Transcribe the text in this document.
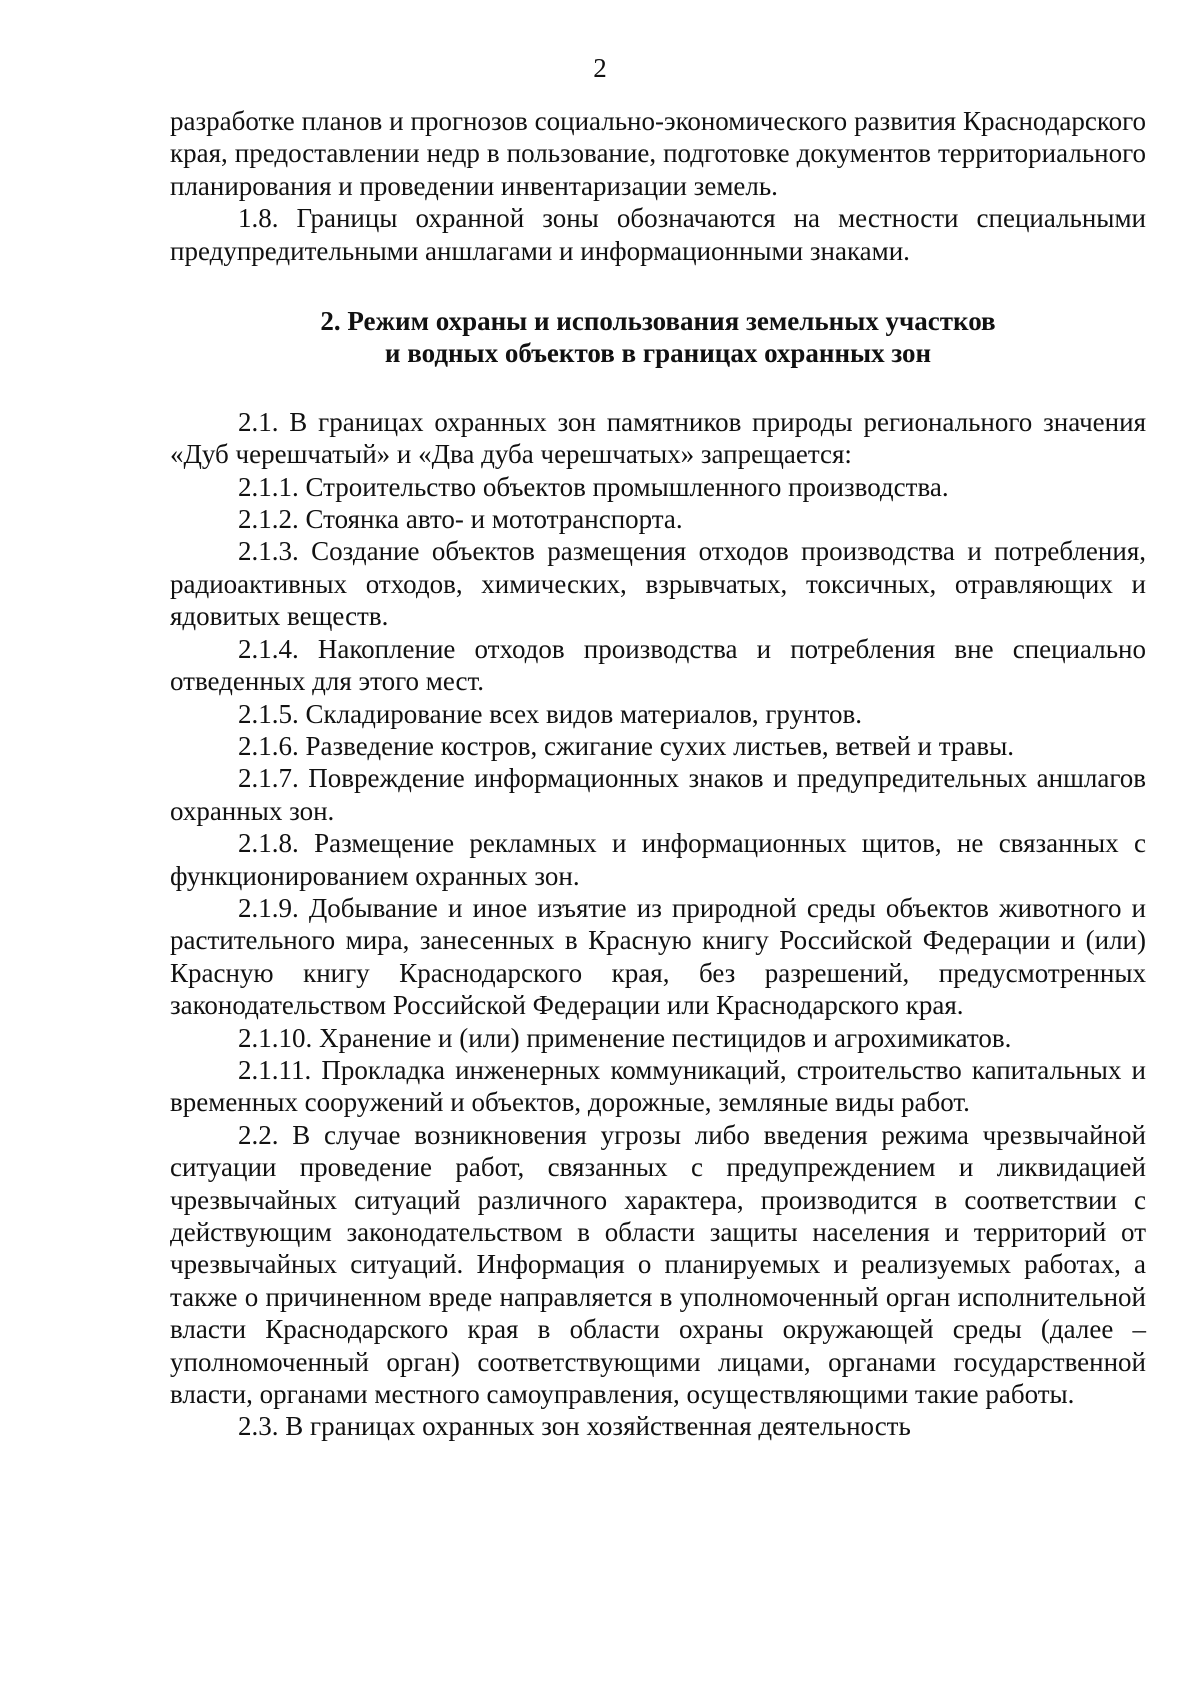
2

разработке планов и прогнозов социально-экономического развития Краснодарского края, предоставлении недр в пользование, подготовке документов территориального планирования и проведении инвентаризации земель.

1.8. Границы охранной зоны обозначаются на местности специальными предупредительными аншлагами и информационными знаками.

2. Режим охраны и использования земельных участков
и водных объектов в границах охранных зон

2.1. В границах охранных зон памятников природы регионального значения «Дуб черешчатый» и «Два дуба черешчатых» запрещается:

2.1.1. Строительство объектов промышленного производства.

2.1.2. Стоянка авто- и мототранспорта.

2.1.3. Создание объектов размещения отходов производства и потребления, радиоактивных отходов, химических, взрывчатых, токсичных, отравляющих и ядовитых веществ.

2.1.4. Накопление отходов производства и потребления вне специально отведенных для этого мест.

2.1.5. Складирование всех видов материалов, грунтов.

2.1.6. Разведение костров, сжигание сухих листьев, ветвей и травы.

2.1.7. Повреждение информационных знаков и предупредительных аншлагов охранных зон.

2.1.8. Размещение рекламных и информационных щитов, не связанных с функционированием охранных зон.

2.1.9. Добывание и иное изъятие из природной среды объектов животного и растительного мира, занесенных в Красную книгу Российской Федерации и (или) Красную книгу Краснодарского края, без разрешений, предусмотренных законодательством Российской Федерации или Краснодарского края.

2.1.10. Хранение и (или) применение пестицидов и агрохимикатов.

2.1.11. Прокладка инженерных коммуникаций, строительство капитальных и временных сооружений и объектов, дорожные, земляные виды работ.

2.2. В случае возникновения угрозы либо введения режима чрезвычайной ситуации проведение работ, связанных с предупреждением и ликвидацией чрезвычайных ситуаций различного характера, производится в соответствии с действующим законодательством в области защиты населения и территорий от чрезвычайных ситуаций. Информация о планируемых и реализуемых работах, а также о причиненном вреде направляется в уполномоченный орган исполнительной власти Краснодарского края в области охраны окружающей среды (далее – уполномоченный орган) соответствующими лицами, органами государственной власти, органами местного самоуправления, осуществляющими такие работы.

2.3. В границах охранных зон хозяйственная деятельность
